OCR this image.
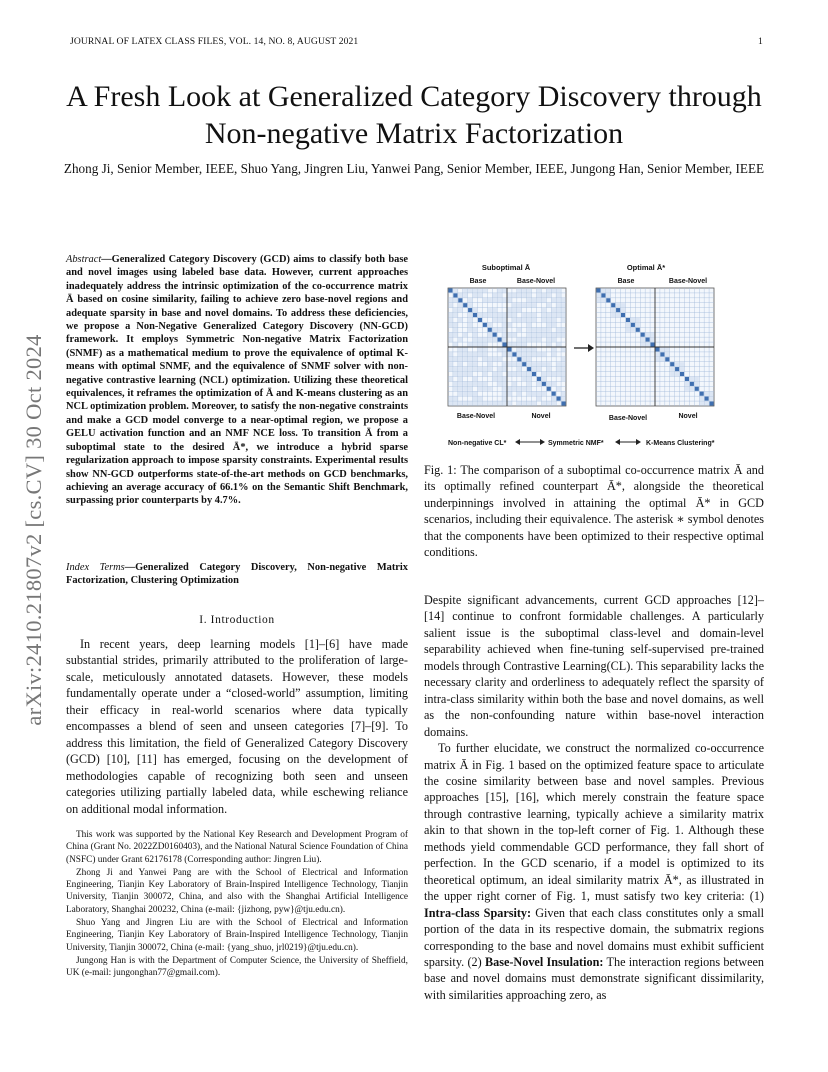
JOURNAL OF LATEX CLASS FILES, VOL. 14, NO. 8, AUGUST 2021	1
A Fresh Look at Generalized Category Discovery through Non-negative Matrix Factorization
Zhong Ji, Senior Member, IEEE, Shuo Yang, Jingren Liu, Yanwei Pang, Senior Member, IEEE, Jungong Han, Senior Member, IEEE
arXiv:2410.21807v2 [cs.CV] 30 Oct 2024
Abstract—Generalized Category Discovery (GCD) aims to classify both base and novel images using labeled base data. However, current approaches inadequately address the intrinsic optimization of the co-occurrence matrix Ā based on cosine similarity, failing to achieve zero base-novel regions and adequate sparsity in base and novel domains. To address these deficiencies, we propose a Non-Negative Generalized Category Discovery (NN-GCD) framework. It employs Symmetric Non-negative Matrix Factorization (SNMF) as a mathematical medium to prove the equivalence of optimal K-means with optimal SNMF, and the equivalence of SNMF solver with non-negative contrastive learning (NCL) optimization. Utilizing these theoretical equivalences, it reframes the optimization of Ā and K-means clustering as an NCL optimization problem. Moreover, to satisfy the non-negative constraints and make a GCD model converge to a near-optimal region, we propose a GELU activation function and an NMF NCE loss. To transition Ā from a suboptimal state to the desired Ā*, we introduce a hybrid sparse regularization approach to impose sparsity constraints. Experimental results show NN-GCD outperforms state-of-the-art methods on GCD benchmarks, achieving an average accuracy of 66.1% on the Semantic Shift Benchmark, surpassing prior counterparts by 4.7%.
Index Terms—Generalized Category Discovery, Non-negative Matrix Factorization, Clustering Optimization
I. Introduction

In recent years, deep learning models [1]–[6] have made substantial strides, primarily attributed to the proliferation of large-scale, meticulously annotated datasets. However, these models fundamentally operate under a “closed-world” assumption, limiting their efficacy in real-world scenarios where data typically encompasses a blend of seen and unseen categories [7]–[9]. To address this limitation, the field of Generalized Category Discovery (GCD) [10], [11] has emerged, focusing on the development of methodologies capable of recognizing both seen and unseen categories utilizing partially labeled data, while eschewing reliance on additional modal information.

This work was supported by the National Key Research and Development Program of China (Grant No. 2022ZD0160403), and the National Natural Science Foundation of China (NSFC) under Grant 62176178 (Corresponding author: Jingren Liu).

Zhong Ji and Yanwei Pang are with the School of Electrical and Information Engineering, Tianjin Key Laboratory of Brain-Inspired Intelligence Technology, Tianjin University, Tianjin 300072, China, and also with the Shanghai Artificial Intelligence Laboratory, Shanghai 200232, China (e-mail: {jizhong, pyw}@tju.edu.cn).

Shuo Yang and Jingren Liu are with the School of Electrical and Information Engineering, Tianjin Key Laboratory of Brain-Inspired Intelligence Technology, Tianjin University, Tianjin 300072, China (e-mail: {yang_shuo, jrl0219}@tju.edu.cn).

Jungong Han is with the Department of Computer Science, the University of Sheffield, UK (e-mail: jungonghan77@gmail.com).

Suboptimal Ā	Optimal Ā*
Base	Base-Novel	Base	Base-Novel
Base-Novel	Novel	Base-Novel	Novel
Non-negative CL*	Symmetric NMF*	K-Means Clustering*
Fig. 1: The comparison of a suboptimal co-occurrence matrix Ā and its optimally refined counterpart Ā*, alongside the theoretical underpinnings involved in attaining the optimal Ā* in GCD scenarios, including their equivalence. The asterisk ∗ symbol denotes that the components have been optimized to their respective optimal conditions.

Despite significant advancements, current GCD approaches [12]–[14] continue to confront formidable challenges. A particularly salient issue is the suboptimal class-level and domain-level separability achieved when fine-tuning self-supervised pre-trained models through Contrastive Learning(CL). This separability lacks the necessary clarity and orderliness to adequately reflect the sparsity of intra-class similarity within both the base and novel domains, as well as the non-confounding nature within base-novel interaction domains.

To further elucidate, we construct the normalized co-occurrence matrix Ā in Fig. 1 based on the optimized feature space to articulate the cosine similarity between base and novel samples. Previous approaches [15], [16], which merely constrain the feature space through contrastive learning, typically achieve a similarity matrix akin to that shown in the top-left corner of Fig. 1. Although these methods yield commendable GCD performance, they fall short of perfection. In the GCD scenario, if a model is optimized to its theoretical optimum, an ideal similarity matrix Ā*, as illustrated in the upper right corner of Fig. 1, must satisfy two key criteria: (1) Intra-class Sparsity: Given that each class constitutes only a small portion of the data in its respective domain, the submatrix regions corresponding to the base and novel domains must exhibit sufficient sparsity. (2) Base-Novel Insulation: The interaction regions between base and novel domains must demonstrate significant dissimilarity, with similarities approaching zero, as
